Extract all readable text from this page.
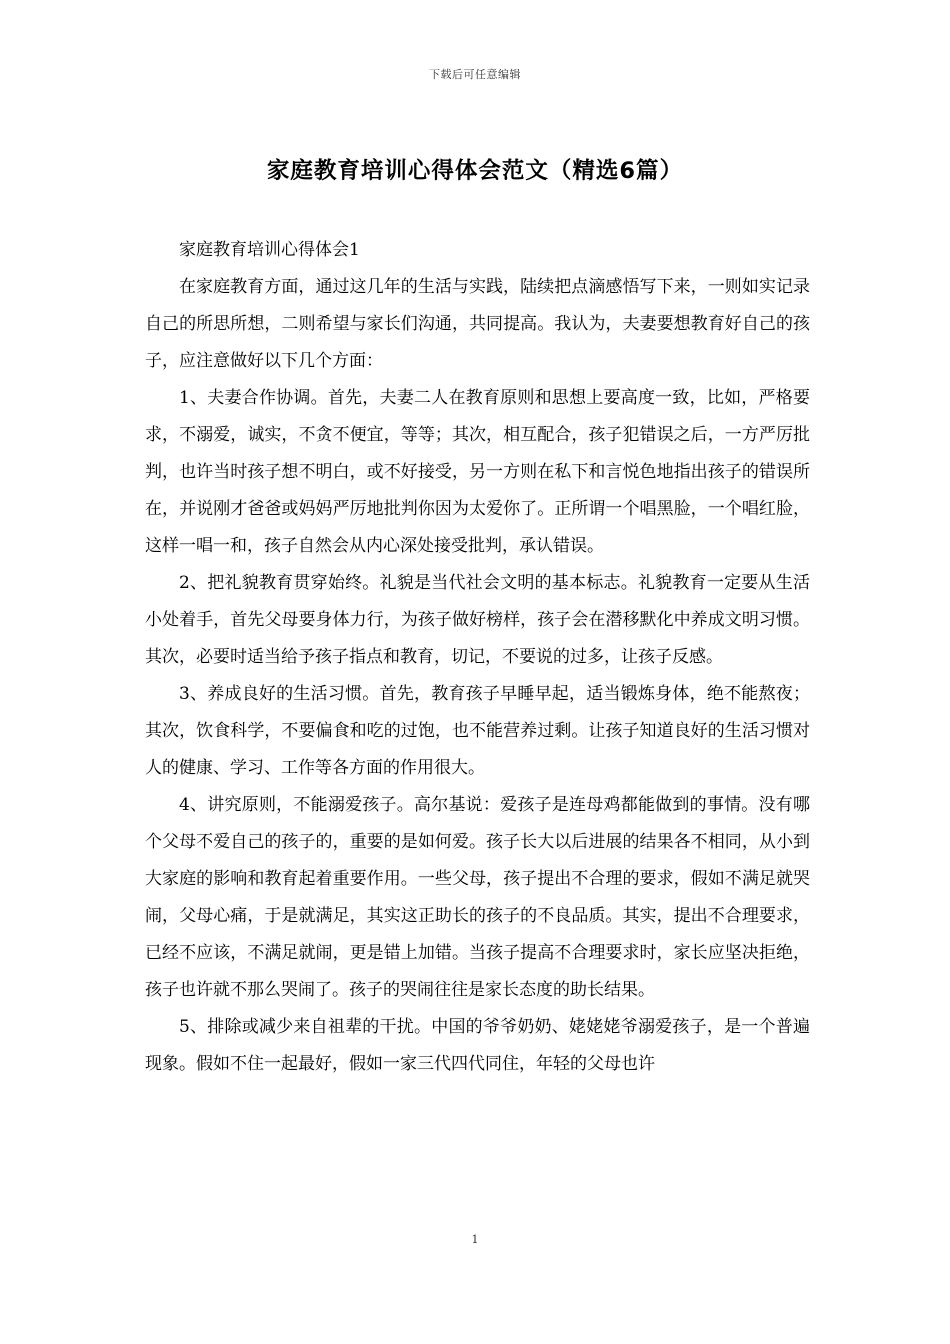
下载后可任意编辑
家庭教育培训心得体会范文（精选6篇）

家庭教育培训心得体会1

在家庭教育方面，通过这几年的生活与实践，陆续把点滴感悟写下来，一则如实记录自己的所思所想，二则希望与家长们沟通，共同提高。我认为，夫妻要想教育好自己的孩子，应注意做好以下几个方面：

1、夫妻合作协调。首先，夫妻二人在教育原则和思想上要高度一致，比如，严格要求，不溺爱，诚实，不贪不便宜，等等；其次，相互配合，孩子犯错误之后，一方严厉批判，也许当时孩子想不明白，或不好接受，另一方则在私下和言悦色地指出孩子的错误所在，并说刚才爸爸或妈妈严厉地批判你因为太爱你了。正所谓一个唱黑脸，一个唱红脸，这样一唱一和，孩子自然会从内心深处接受批判，承认错误。

2、把礼貌教育贯穿始终。礼貌是当代社会文明的基本标志。礼貌教育一定要从生活小处着手，首先父母要身体力行，为孩子做好榜样，孩子会在潜移默化中养成文明习惯。其次，必要时适当给予孩子指点和教育，切记，不要说的过多，让孩子反感。

3、养成良好的生活习惯。首先，教育孩子早睡早起，适当锻炼身体，绝不能熬夜；其次，饮食科学，不要偏食和吃的过饱，也不能营养过剩。让孩子知道良好的生活习惯对人的健康、学习、工作等各方面的作用很大。

4、讲究原则，不能溺爱孩子。高尔基说：爱孩子是连母鸡都能做到的事情。没有哪个父母不爱自己的孩子的，重要的是如何爱。孩子长大以后进展的结果各不相同，从小到大家庭的影响和教育起着重要作用。一些父母，孩子提出不合理的要求，假如不满足就哭闹，父母心痛，于是就满足，其实这正助长的孩子的不良品质。其实，提出不合理要求，已经不应该，不满足就闹，更是错上加错。当孩子提高不合理要求时，家长应坚决拒绝，孩子也许就不那么哭闹了。孩子的哭闹往往是家长态度的助长结果。

5、排除或减少来自祖辈的干扰。中国的爷爷奶奶、姥姥姥爷溺爱孩子，是一个普遍现象。假如不住一起最好，假如一家三代四代同住，年轻的父母也许

1
